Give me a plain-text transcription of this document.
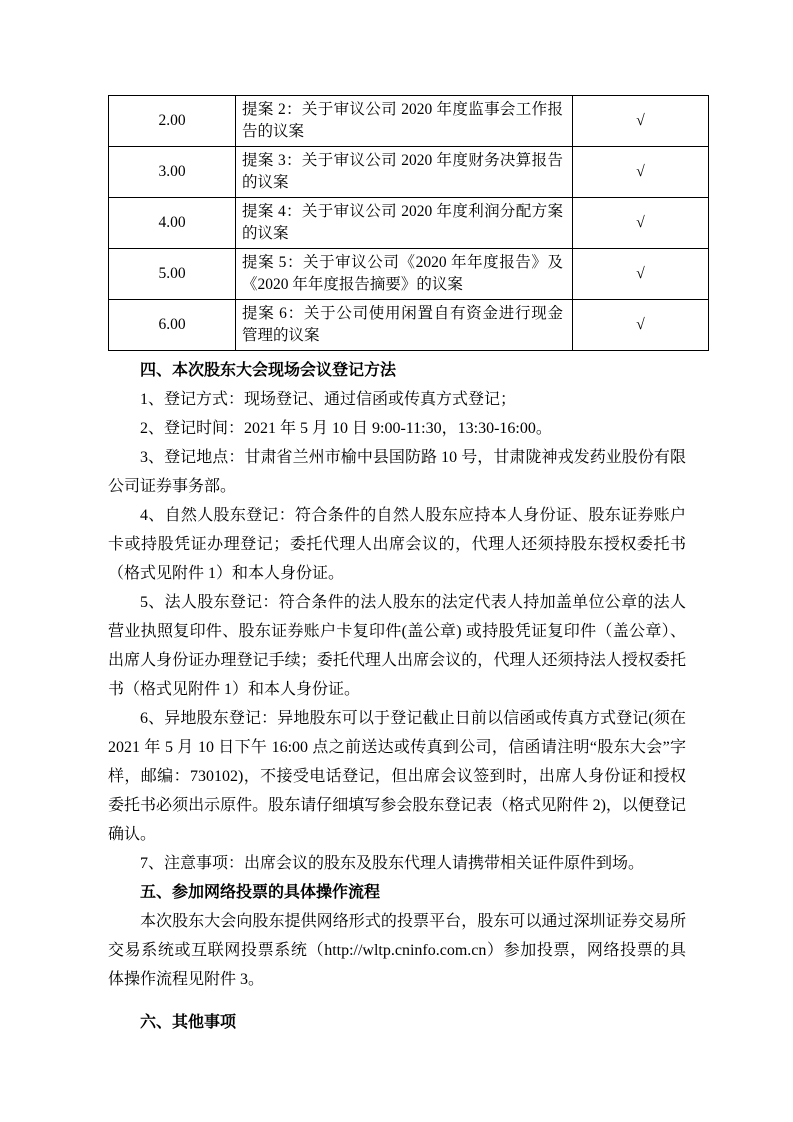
2.00	提案 2：关于审议公司 2020 年度监事会工作报告的议案	√
3.00	提案 3：关于审议公司 2020 年度财务决算报告的议案	√
4.00	提案 4：关于审议公司 2020 年度利润分配方案的议案	√
5.00	提案 5：关于审议公司《2020 年年度报告》及《2020 年年度报告摘要》的议案	√
6.00	提案 6：关于公司使用闲置自有资金进行现金管理的议案	√

四、本次股东大会现场会议登记方法

1、登记方式：现场登记、通过信函或传真方式登记；

2、登记时间：2021 年 5 月 10 日 9:00-11:30，13:30-16:00。

3、登记地点：甘肃省兰州市榆中县国防路 10 号，甘肃陇神戎发药业股份有限公司证券事务部。

4、自然人股东登记：符合条件的自然人股东应持本人身份证、股东证券账户卡或持股凭证办理登记；委托代理人出席会议的，代理人还须持股东授权委托书（格式见附件 1）和本人身份证。

5、法人股东登记：符合条件的法人股东的法定代表人持加盖单位公章的法人营业执照复印件、股东证券账户卡复印件(盖公章) 或持股凭证复印件（盖公章）、出席人身份证办理登记手续；委托代理人出席会议的，代理人还须持法人授权委托书（格式见附件 1）和本人身份证。

6、异地股东登记：异地股东可以于登记截止日前以信函或传真方式登记(须在 2021 年 5 月 10 日下午 16:00 点之前送达或传真到公司，信函请注明“股东大会”字样，邮编：730102)，不接受电话登记，但出席会议签到时，出席人身份证和授权委托书必须出示原件。股东请仔细填写参会股东登记表（格式见附件 2)，以便登记确认。

7、注意事项：出席会议的股东及股东代理人请携带相关证件原件到场。

五、参加网络投票的具体操作流程

本次股东大会向股东提供网络形式的投票平台，股东可以通过深圳证券交易所交易系统或互联网投票系统（http://wltp.cninfo.com.cn）参加投票，网络投票的具体操作流程见附件 3。

六、其他事项
